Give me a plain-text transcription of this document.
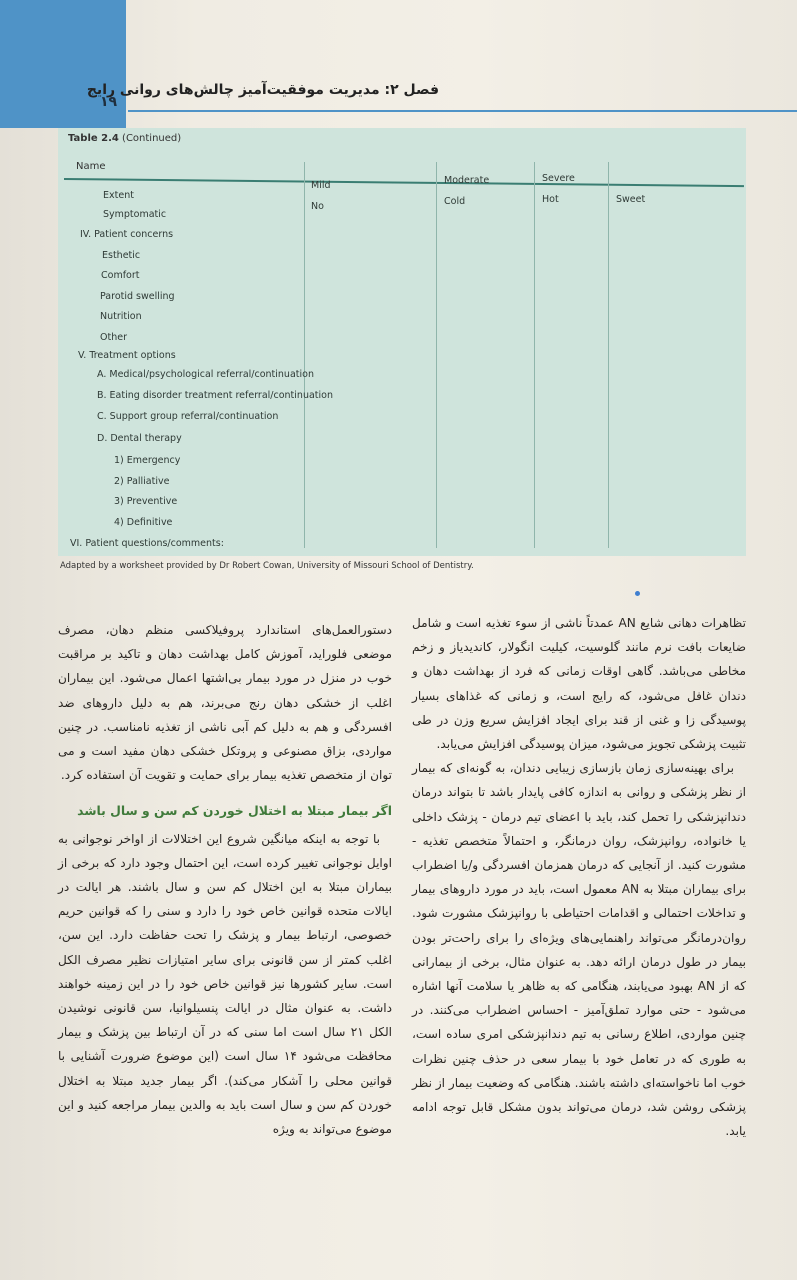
۱۹
فصل ۲: مدیریت موفقیت‌آمیز چالش‌های روانی رایج
Table 2.4 (Continued)
Name
Mild
No
Moderate
Cold
Severe
Hot	Sweet
Extent
Symptomatic
IV. Patient concerns
Esthetic
Comfort
Parotid swelling
Nutrition
Other
V. Treatment options
A. Medical/psychological referral/continuation
B. Eating disorder treatment referral/continuation
C. Support group referral/continuation
D. Dental therapy
1) Emergency
2) Palliative
3) Preventive
4) Definitive
VI. Patient questions/comments:
Adapted by a worksheet provided by Dr Robert Cowan, University of Missouri School of Dentistry.

تظاهرات دهانی شایع AN عمدتاً ناشی از سوء تغذیه است و شامل ضایعات بافت نرم مانند گلوسیت، کیلیت انگولار، کاندیدیاز و زخم مخاطی می‌باشد. گاهی اوقات زمانی که فرد از بهداشت دهان و دندان غافل می‌شود، که رایج است، و زمانی که غذاهای بسیار پوسیدگی زا و غنی از قند برای ایجاد افزایش سریع وزن در طی تثبیت پزشکی تجویز می‌شود، میزان پوسیدگی افزایش می‌یابد.

برای بهینه‌سازی زمان بازسازی زیبایی دندان، به گونه‌ای که بیمار از نظر پزشکی و روانی به اندازه کافی پایدار باشد تا بتواند درمان دندانپزشکی را تحمل کند، باید با اعضای تیم درمان - پزشک داخلی یا خانواده، روانپزشک، روان درمانگر، و احتمالاً متخصص تغذیه - مشورت کنید. از آنجایی که درمان همزمان افسردگی و/یا اضطراب برای بیماران مبتلا به AN معمول است، باید در مورد داروهای بیمار و تداخلات احتمالی و اقدامات احتیاطی با روانپزشک مشورت شود. روان‌درمانگر می‌تواند راهنمایی‌های ویژه‌ای را برای راحت‌تر بودن بیمار در طول درمان ارائه دهد. به عنوان مثال، برخی از بیمارانی که از AN بهبود می‌یابند، هنگامی که به ظاهر یا سلامت آنها اشاره می‌شود - حتی موارد تملق‌آمیز - احساس اضطراب می‌کنند. در چنین مواردی، اطلاع رسانی به تیم دندانپزشکی امری ساده است، به طوری که در تعامل خود با بیمار سعی در حذف چنین نظرات خوب اما ناخواسته‌ای داشته باشند. هنگامی که وضعیت بیمار از نظر پزشکی روشن شد، درمان می‌تواند بدون مشکل قابل توجه ادامه یابد.

دستورالعمل‌های استاندارد پروفیلاکسی منظم دهان، مصرف موضعی فلوراید، آموزش کامل بهداشت دهان و تاکید بر مراقبت خوب در منزل در مورد بیمار بی‌اشتها اعمال می‌شود. این بیماران اغلب از خشکی دهان رنج می‌برند، هم به دلیل داروهای ضد افسردگی و هم به دلیل کم آبی ناشی از تغذیه نامناسب. در چنین مواردی، بزاق مصنوعی و پروتکل خشکی دهان مفید است و می توان از متخصص تغذیه بیمار برای حمایت و تقویت آن استفاده کرد.

اگر بیمار مبتلا به اختلال خوردن کم سن و سال باشد

با توجه به اینکه میانگین شروع این اختلالات از اواخر نوجوانی به اوایل نوجوانی تغییر کرده است، این احتمال وجود دارد که برخی از بیماران مبتلا به این اختلال کم سن و سال باشند. هر ایالت در ایالات متحده قوانین خاص خود را دارد و سنی را که قوانین حریم خصوصی، ارتباط بیمار و پزشک را تحت حفاظت دارد. این سن، اغلب کمتر از سن قانونی برای سایر امتیازات نظیر مصرف الکل است. سایر کشورها نیز قوانین خاص خود را در این زمینه خواهند داشت. به عنوان مثال در ایالت پنسیلوانیا، سن قانونی نوشیدن الکل ۲۱ سال است اما سنی که در آن ارتباط بین پزشک و بیمار محافظت می‌شود ۱۴ سال است (این موضوع ضرورت آشنایی با قوانین محلی را آشکار می‌کند). اگر بیمار جدید مبتلا به اختلال خوردن کم سن و سال است باید به والدین بیمار مراجعه کنید و این موضوع می‌تواند به ویژه
